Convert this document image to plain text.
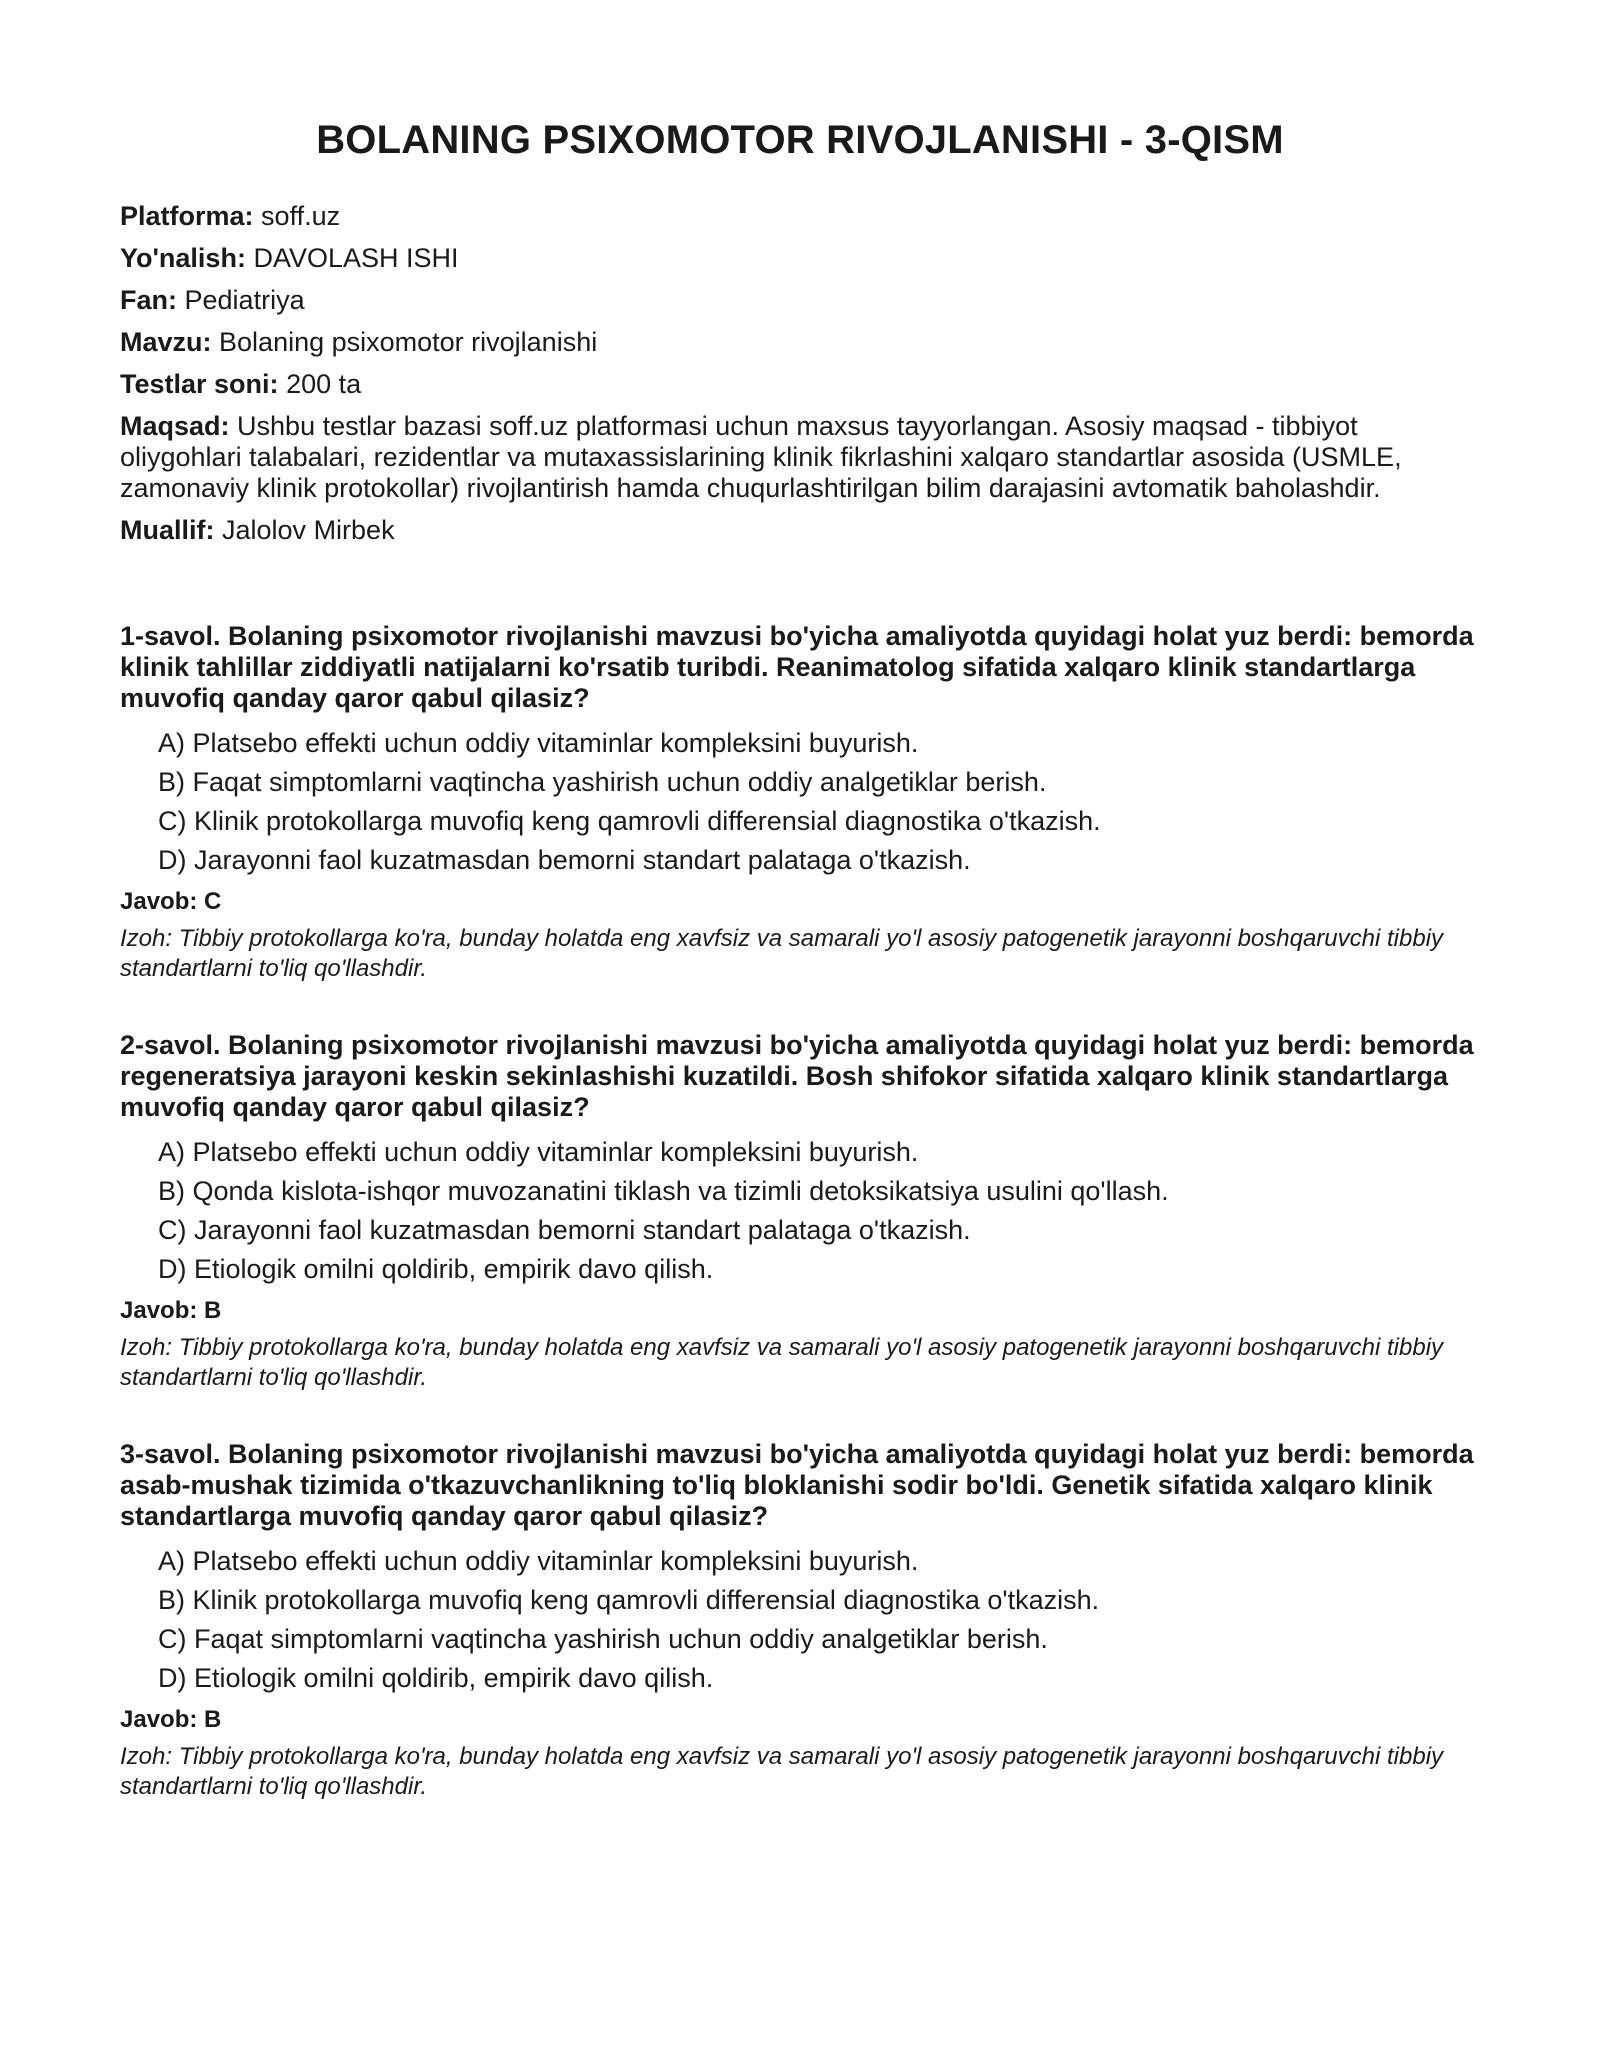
BOLANING PSIXOMOTOR RIVOJLANISHI - 3-QISM
Platforma: soff.uz
Yo'nalish: DAVOLASH ISHI
Fan: Pediatriya
Mavzu: Bolaning psixomotor rivojlanishi
Testlar soni: 200 ta
Maqsad: Ushbu testlar bazasi soff.uz platformasi uchun maxsus tayyorlangan. Asosiy maqsad - tibbiyot oliygohlari talabalari, rezidentlar va mutaxassislarining klinik fikrlashini xalqaro standartlar asosida (USMLE, zamonaviy klinik protokollar) rivojlantirish hamda chuqurlashtirilgan bilim darajasini avtomatik baholashdir.
Muallif: Jalolov Mirbek

1-savol. Bolaning psixomotor rivojlanishi mavzusi bo'yicha amaliyotda quyidagi holat yuz berdi: bemorda klinik tahlillar ziddiyatli natijalarni ko'rsatib turibdi. Reanimatolog sifatida xalqaro klinik standartlarga muvofiq qanday qaror qabul qilasiz?

A) Platsebo effekti uchun oddiy vitaminlar kompleksini buyurish.
B) Faqat simptomlarni vaqtincha yashirish uchun oddiy analgetiklar berish.
C) Klinik protokollarga muvofiq keng qamrovli differensial diagnostika o'tkazish.
D) Jarayonni faol kuzatmasdan bemorni standart palataga o'tkazish.
Javob: C

Izoh: Tibbiy protokollarga ko'ra, bunday holatda eng xavfsiz va samarali yo'l asosiy patogenetik jarayonni boshqaruvchi tibbiy standartlarni to'liq qo'llashdir.

2-savol. Bolaning psixomotor rivojlanishi mavzusi bo'yicha amaliyotda quyidagi holat yuz berdi: bemorda regeneratsiya jarayoni keskin sekinlashishi kuzatildi. Bosh shifokor sifatida xalqaro klinik standartlarga muvofiq qanday qaror qabul qilasiz?

A) Platsebo effekti uchun oddiy vitaminlar kompleksini buyurish.
B) Qonda kislota-ishqor muvozanatini tiklash va tizimli detoksikatsiya usulini qo'llash.
C) Jarayonni faol kuzatmasdan bemorni standart palataga o'tkazish.
D) Etiologik omilni qoldirib, empirik davo qilish.
Javob: B

Izoh: Tibbiy protokollarga ko'ra, bunday holatda eng xavfsiz va samarali yo'l asosiy patogenetik jarayonni boshqaruvchi tibbiy standartlarni to'liq qo'llashdir.

3-savol. Bolaning psixomotor rivojlanishi mavzusi bo'yicha amaliyotda quyidagi holat yuz berdi: bemorda asab-mushak tizimida o'tkazuvchanlikning to'liq bloklanishi sodir bo'ldi. Genetik sifatida xalqaro klinik standartlarga muvofiq qanday qaror qabul qilasiz?

A) Platsebo effekti uchun oddiy vitaminlar kompleksini buyurish.
B) Klinik protokollarga muvofiq keng qamrovli differensial diagnostika o'tkazish.
C) Faqat simptomlarni vaqtincha yashirish uchun oddiy analgetiklar berish.
D) Etiologik omilni qoldirib, empirik davo qilish.
Javob: B

Izoh: Tibbiy protokollarga ko'ra, bunday holatda eng xavfsiz va samarali yo'l asosiy patogenetik jarayonni boshqaruvchi tibbiy standartlarni to'liq qo'llashdir.
